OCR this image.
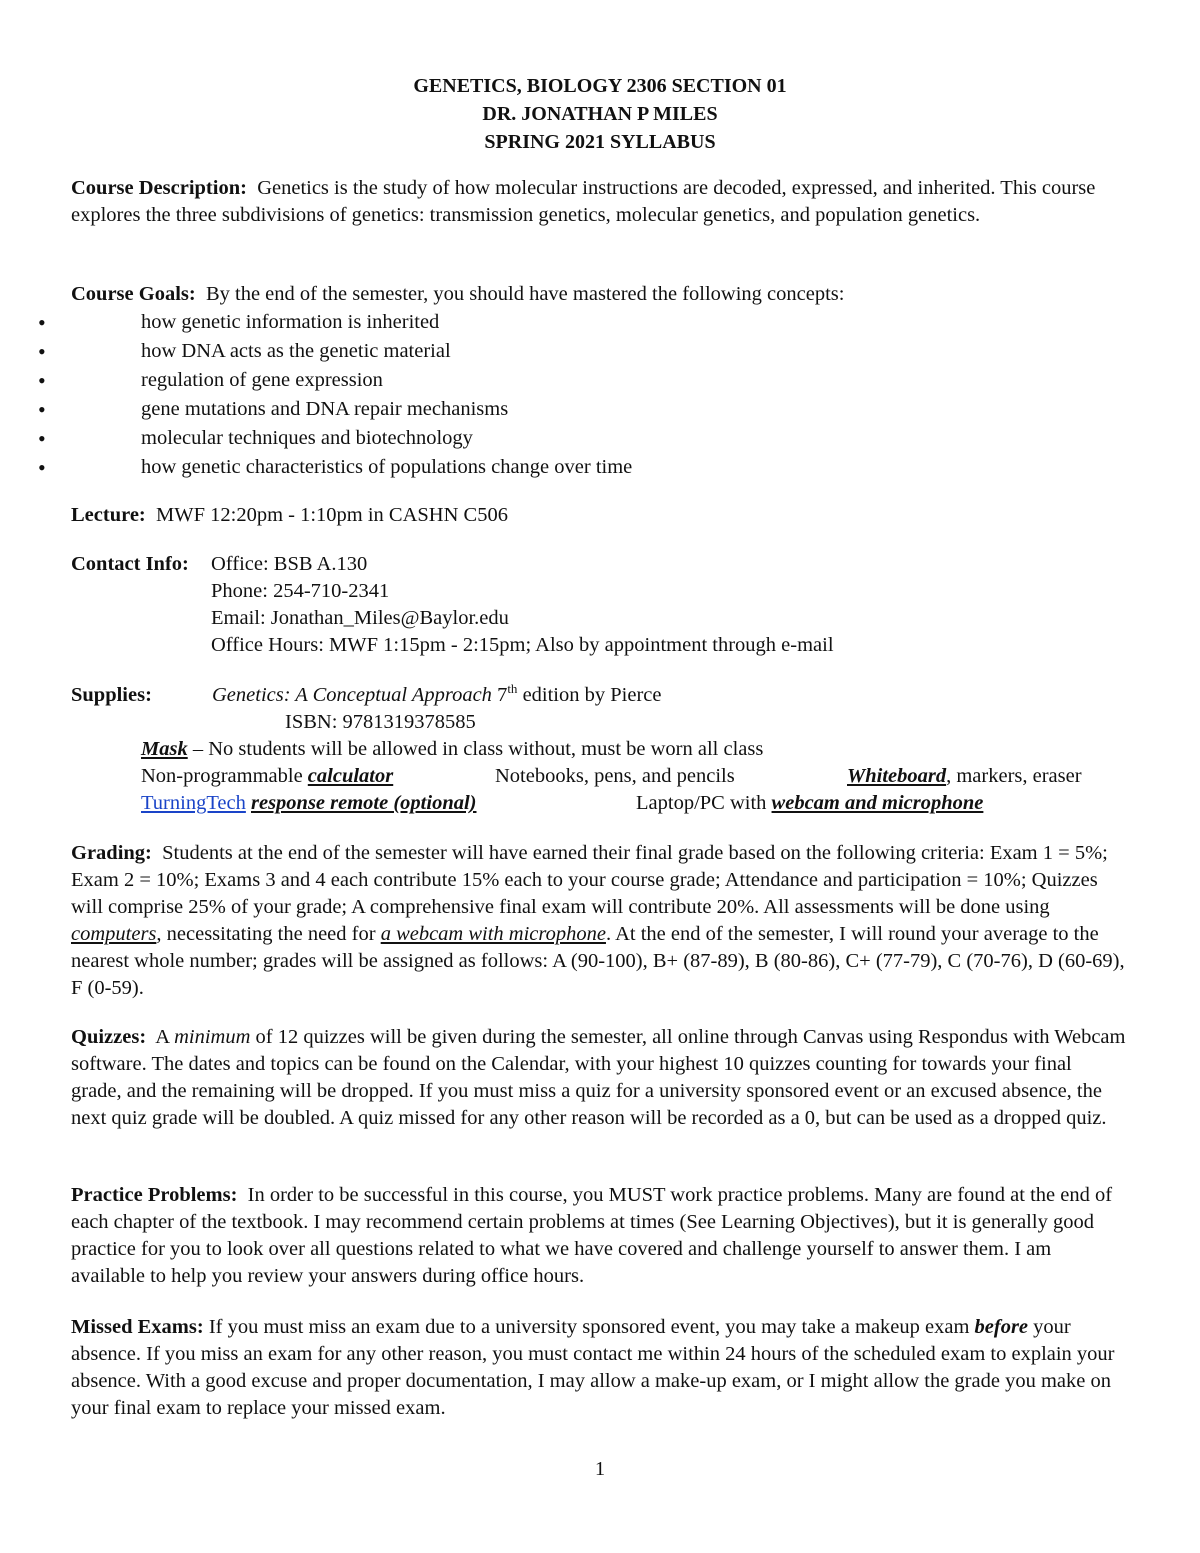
GENETICS, BIOLOGY 2306 SECTION 01
DR. JONATHAN P MILES
SPRING 2021 SYLLABUS
Course Description: Genetics is the study of how molecular instructions are decoded, expressed, and inherited. This course explores the three subdivisions of genetics: transmission genetics, molecular genetics, and population genetics.
Course Goals: By the end of the semester, you should have mastered the following concepts:
• how genetic information is inherited
• how DNA acts as the genetic material
• regulation of gene expression
• gene mutations and DNA repair mechanisms
• molecular techniques and biotechnology
• how genetic characteristics of populations change over time
Lecture: MWF 12:20pm - 1:10pm in CASHN C506
Contact Info: Office: BSB A.130
Phone: 254-710-2341
Email: Jonathan_Miles@Baylor.edu
Office Hours: MWF 1:15pm - 2:15pm; Also by appointment through e-mail
Supplies:	Genetics: A Conceptual Approach 7th edition by Pierce
ISBN: 9781319378585
Mask – No students will be allowed in class without, must be worn all class
Non-programmable calculator	Notebooks, pens, and pencils	Whiteboard, markers, eraser
TurningTech response remote (optional)	Laptop/PC with webcam and microphone
Grading: Students at the end of the semester will have earned their final grade based on the following criteria: Exam 1 = 5%; Exam 2 = 10%; Exams 3 and 4 each contribute 15% each to your course grade; Attendance and participation = 10%; Quizzes will comprise 25% of your grade; A comprehensive final exam will contribute 20%. All assessments will be done using computers, necessitating the need for a webcam with microphone. At the end of the semester, I will round your average to the nearest whole number; grades will be assigned as follows: A (90-100), B+ (87-89), B (80-86), C+ (77-79), C (70-76), D (60-69), F (0-59).
Quizzes: A minimum of 12 quizzes will be given during the semester, all online through Canvas using Respondus with Webcam software. The dates and topics can be found on the Calendar, with your highest 10 quizzes counting for towards your final grade, and the remaining will be dropped. If you must miss a quiz for a university sponsored event or an excused absence, the next quiz grade will be doubled. A quiz missed for any other reason will be recorded as a 0, but can be used as a dropped quiz.
Practice Problems: In order to be successful in this course, you MUST work practice problems. Many are found at the end of each chapter of the textbook. I may recommend certain problems at times (See Learning Objectives), but it is generally good practice for you to look over all questions related to what we have covered and challenge yourself to answer them. I am available to help you review your answers during office hours.
Missed Exams: If you must miss an exam due to a university sponsored event, you may take a makeup exam before your absence. If you miss an exam for any other reason, you must contact me within 24 hours of the scheduled exam to explain your absence. With a good excuse and proper documentation, I may allow a make-up exam, or I might allow the grade you make on your final exam to replace your missed exam.
1
